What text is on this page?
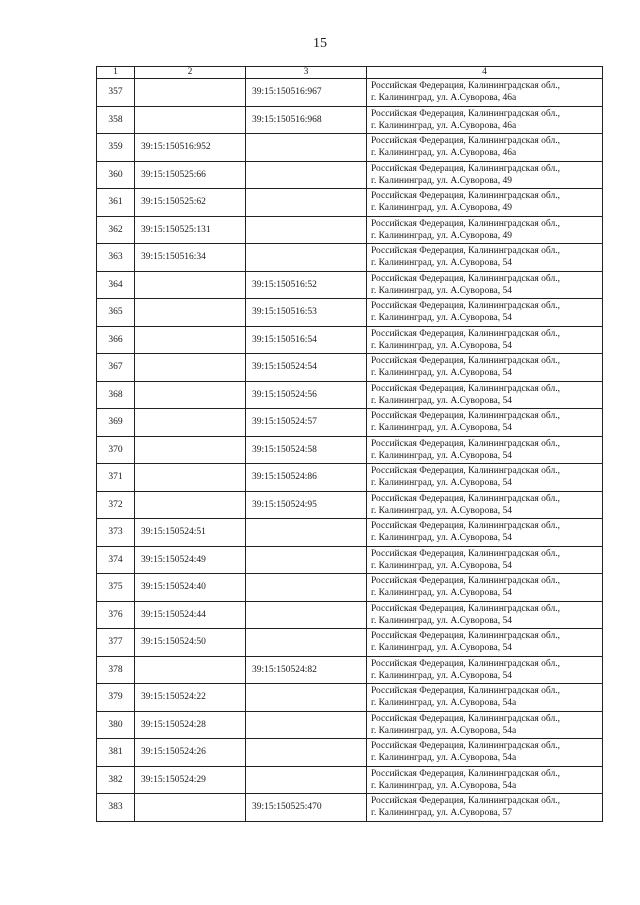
15
1	2	3	4
357		39:15:150516:967	Российская Федерация, Калининградская обл.,
г. Калининград, ул. А.Суворова, 46а

358		39:15:150516:968	Российская Федерация, Калининградская обл.,
г. Калининград, ул. А.Суворова, 46а

359	39:15:150516:952		Российская Федерация, Калининградская обл.,
г. Калининград, ул. А.Суворова, 46а

360	39:15:150525:66		Российская Федерация, Калининградская обл.,
г. Калининград, ул. А.Суворова, 49

361	39:15:150525:62		Российская Федерация, Калининградская обл.,
г. Калининград, ул. А.Суворова, 49

362	39:15:150525:131		Российская Федерация, Калининградская обл.,
г. Калининград, ул. А.Суворова, 49

363	39:15:150516:34		Российская Федерация, Калининградская обл.,
г. Калининград, ул. А.Суворова, 54

364		39:15:150516:52	Российская Федерация, Калининградская обл.,
г. Калининград, ул. А.Суворова, 54

365		39:15:150516:53	Российская Федерация, Калининградская обл.,
г. Калининград, ул. А.Суворова, 54

366		39:15:150516:54	Российская Федерация, Калининградская обл.,
г. Калининград, ул. А.Суворова, 54

367		39:15:150524:54	Российская Федерация, Калининградская обл.,
г. Калининград, ул. А.Суворова, 54

368		39:15:150524:56	Российская Федерация, Калининградская обл.,
г. Калининград, ул. А.Суворова, 54

369		39:15:150524:57	Российская Федерация, Калининградская обл.,
г. Калининград, ул. А.Суворова, 54

370		39:15:150524:58	Российская Федерация, Калининградская обл.,
г. Калининград, ул. А.Суворова, 54

371		39:15:150524:86	Российская Федерация, Калининградская обл.,
г. Калининград, ул. А.Суворова, 54

372		39:15:150524:95	Российская Федерация, Калининградская обл.,
г. Калининград, ул. А.Суворова, 54

373	39:15:150524:51		Российская Федерация, Калининградская обл.,
г. Калининград, ул. А.Суворова, 54

374	39:15:150524:49		Российская Федерация, Калининградская обл.,
г. Калининград, ул. А.Суворова, 54

375	39:15:150524:40		Российская Федерация, Калининградская обл.,
г. Калининград, ул. А.Суворова, 54

376	39:15:150524:44		Российская Федерация, Калининградская обл.,
г. Калининград, ул. А.Суворова, 54

377	39:15:150524:50		Российская Федерация, Калининградская обл.,
г. Калининград, ул. А.Суворова, 54

378		39:15:150524:82	Российская Федерация, Калининградская обл.,
г. Калининград, ул. А.Суворова, 54

379	39:15:150524:22		Российская Федерация, Калининградская обл.,
г. Калининград, ул. А.Суворова, 54а

380	39:15:150524:28		Российская Федерация, Калининградская обл.,
г. Калининград, ул. А.Суворова, 54а

381	39:15:150524:26		Российская Федерация, Калининградская обл.,
г. Калининград, ул. А.Суворова, 54а

382	39:15:150524:29		Российская Федерация, Калининградская обл.,
г. Калининград, ул. А.Суворова, 54а

383		39:15:150525:470	Российская Федерация, Калининградская обл.,
г. Калининград, ул. А.Суворова, 57
